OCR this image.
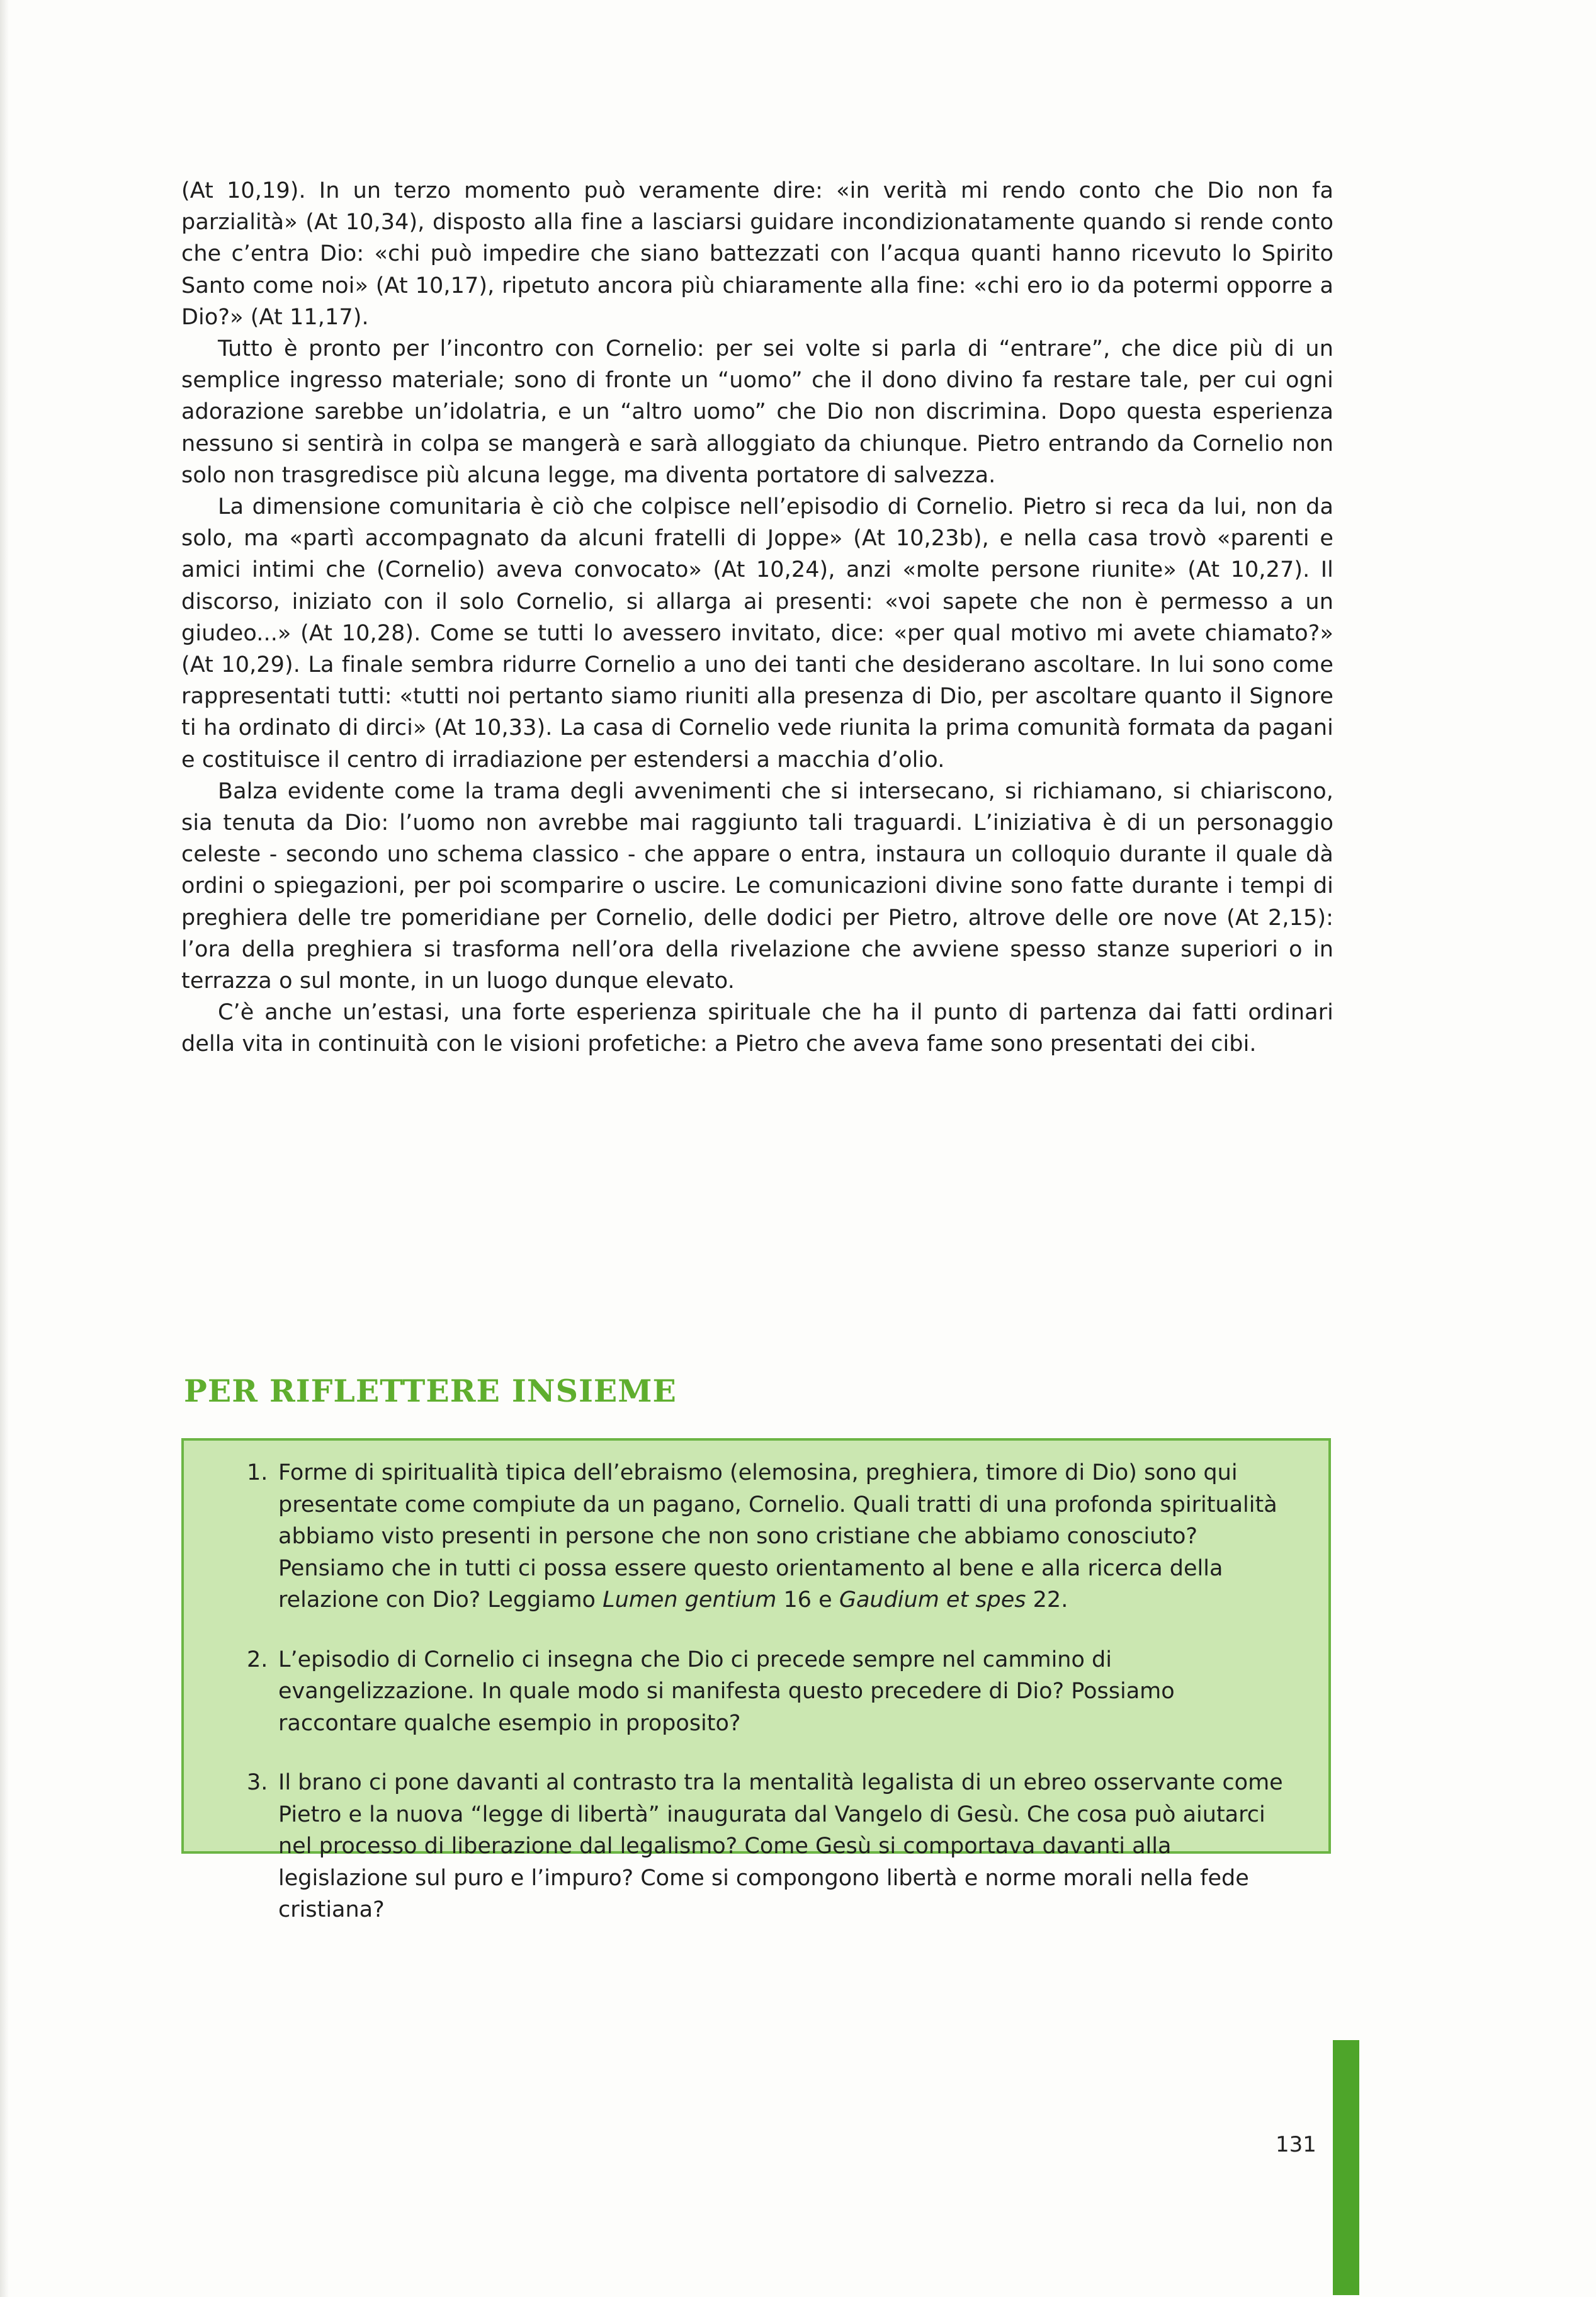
(At 10,19). In un terzo momento può veramente dire: «in verità mi rendo conto che Dio non fa parzialità» (At 10,34), disposto alla fine a lasciarsi guidare incondizionatamente quando si rende conto che c’entra Dio: «chi può impedire che siano battezzati con l’acqua quanti hanno ricevuto lo Spirito Santo come noi» (At 10,17), ripetuto ancora più chiaramente alla fine: «chi ero io da potermi opporre a Dio?» (At 11,17).

Tutto è pronto per l’incontro con Cornelio: per sei volte si parla di “entrare”, che dice più di un semplice ingresso materiale; sono di fronte un “uomo” che il dono divino fa restare tale, per cui ogni adorazione sarebbe un’idolatria, e un “altro uomo” che Dio non discrimina. Dopo questa esperienza nessuno si sentirà in colpa se mangerà e sarà alloggiato da chiunque. Pietro entrando da Cornelio non solo non trasgredisce più alcuna legge, ma diventa portatore di salvezza.

La dimensione comunitaria è ciò che colpisce nell’episodio di Cornelio. Pietro si reca da lui, non da solo, ma «partì accompagnato da alcuni fratelli di Joppe» (At 10,23b), e nella casa trovò «parenti e amici intimi che (Cornelio) aveva convocato» (At 10,24), anzi «molte persone riunite» (At 10,27). Il discorso, iniziato con il solo Cornelio, si allarga ai presenti: «voi sapete che non è permesso a un giudeo...» (At 10,28). Come se tutti lo avessero invitato, dice: «per qual motivo mi avete chiamato?» (At 10,29). La finale sembra ridurre Cornelio a uno dei tanti che desiderano ascoltare. In lui sono come rappresentati tutti: «tutti noi pertanto siamo riuniti alla presenza di Dio, per ascoltare quanto il Signore ti ha ordinato di dirci» (At 10,33). La casa di Cornelio vede riunita la prima comunità formata da pagani e costituisce il centro di irradiazione per estendersi a macchia d’olio.

Balza evidente come la trama degli avvenimenti che si intersecano, si richiamano, si chiariscono, sia tenuta da Dio: l’uomo non avrebbe mai raggiunto tali traguardi. L’iniziativa è di un personaggio celeste - secondo uno schema classico - che appare o entra, instaura un colloquio durante il quale dà ordini o spiegazioni, per poi scomparire o uscire. Le comunicazioni divine sono fatte durante i tempi di preghiera delle tre pomeridiane per Cornelio, delle dodici per Pietro, altrove delle ore nove (At 2,15): l’ora della preghiera si trasforma nell’ora della rivelazione che avviene spesso stanze superiori o in terrazza o sul monte, in un luogo dunque elevato.

C’è anche un’estasi, una forte esperienza spirituale che ha il punto di partenza dai fatti ordinari della vita in continuità con le visioni profetiche: a Pietro che aveva fame sono presentati dei cibi.

PER RIFLETTERE INSIEME
1. Forme di spiritualità tipica dell’ebraismo (elemosina, preghiera, timore di Dio) sono qui presentate come compiute da un pagano, Cornelio. Quali tratti di una profonda spiritualità abbiamo visto presenti in persone che non sono cristiane che abbiamo conosciuto? Pensiamo che in tutti ci possa essere questo orientamento al bene e alla ricerca della relazione con Dio? Leggiamo Lumen gentium 16 e Gaudium et spes 22.
2. L’episodio di Cornelio ci insegna che Dio ci precede sempre nel cammino di evangelizzazione. In quale modo si manifesta questo precedere di Dio? Possiamo raccontare qualche esempio in proposito?
3. Il brano ci pone davanti al contrasto tra la mentalità legalista di un ebreo osservante come Pietro e la nuova “legge di libertà” inaugurata dal Vangelo di Gesù. Che cosa può aiutarci nel processo di liberazione dal legalismo? Come Gesù si comportava davanti alla legislazione sul puro e l’impuro? Come si compongono libertà e norme morali nella fede cristiana?

131
